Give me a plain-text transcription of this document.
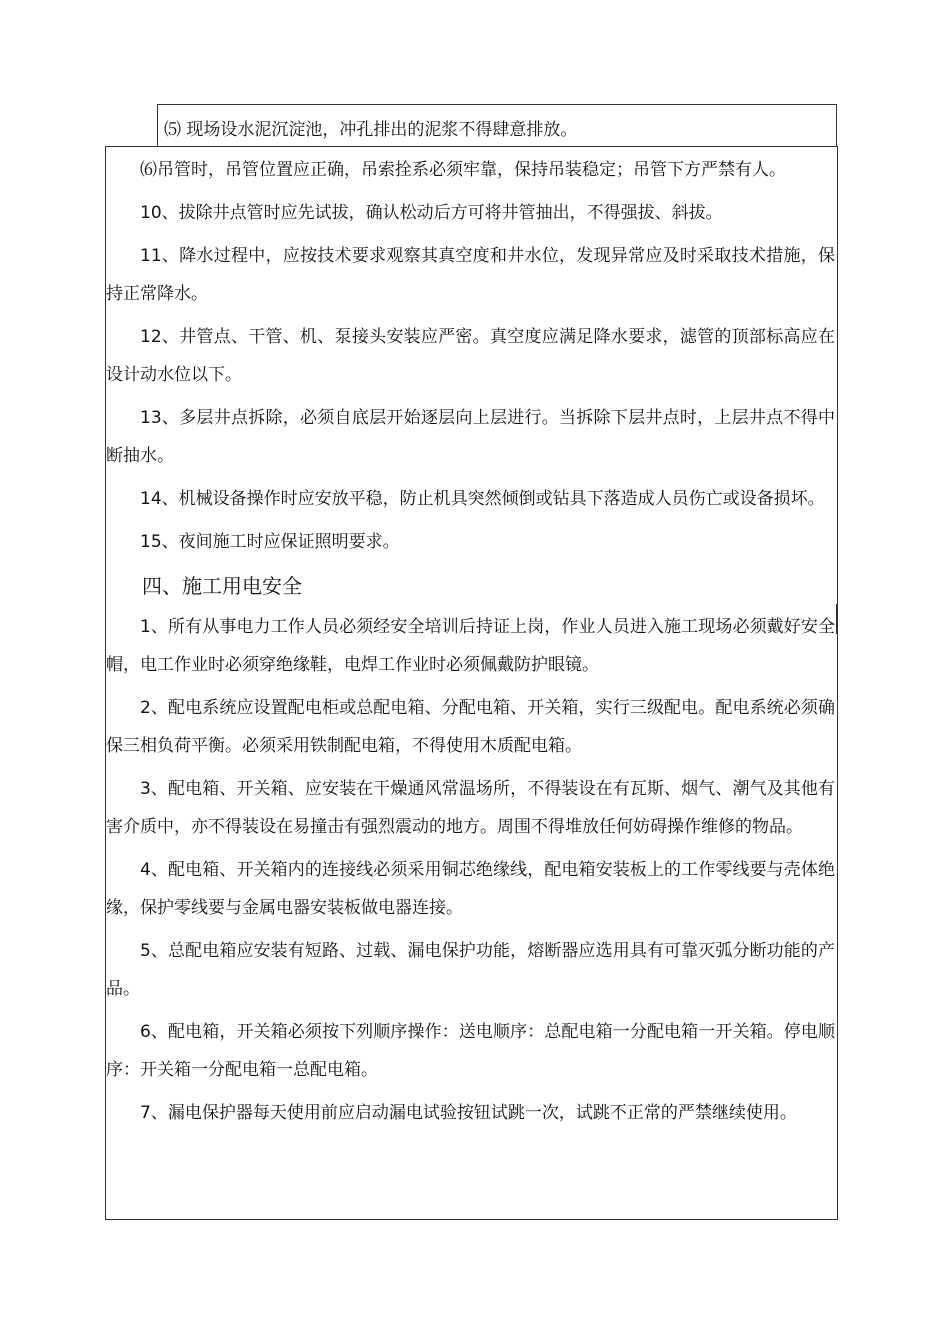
⑸ 现场设水泥沉淀池，冲孔排出的泥浆不得肆意排放。

⑹吊管时，吊管位置应正确，吊索拴系必须牢靠，保持吊装稳定；吊管下方严禁有人。

10、拔除井点管时应先试拔，确认松动后方可将井管抽出，不得强拔、斜拔。

11、降水过程中，应按技术要求观察其真空度和井水位，发现异常应及时采取技术措施，保持正常降水。

12、井管点、干管、机、泵接头安装应严密。真空度应满足降水要求，滤管的顶部标高应在设计动水位以下。

13、多层井点拆除，必须自底层开始逐层向上层进行。当拆除下层井点时，上层井点不得中断抽水。

14、机械设备操作时应安放平稳，防止机具突然倾倒或钻具下落造成人员伤亡或设备损坏。

15、夜间施工时应保证照明要求。

四、施工用电安全

1、所有从事电力工作人员必须经安全培训后持证上岗，作业人员进入施工现场必须戴好安全帽，电工作业时必须穿绝缘鞋，电焊工作业时必须佩戴防护眼镜。

2、配电系统应设置配电柜或总配电箱、分配电箱、开关箱，实行三级配电。配电系统必须确保三相负荷平衡。必须采用铁制配电箱，不得使用木质配电箱。

3、配电箱、开关箱、应安装在干燥通风常温场所，不得装设在有瓦斯、烟气、潮气及其他有害介质中，亦不得装设在易撞击有强烈震动的地方。周围不得堆放任何妨碍操作维修的物品。

4、配电箱、开关箱内的连接线必须采用铜芯绝缘线，配电箱安装板上的工作零线要与壳体绝缘，保护零线要与金属电器安装板做电器连接。

5、总配电箱应安装有短路、过载、漏电保护功能，熔断器应选用具有可靠灭弧分断功能的产品。

6、配电箱，开关箱必须按下列顺序操作：送电顺序：总配电箱一分配电箱一开关箱。停电顺序：开关箱一分配电箱一总配电箱。

7、漏电保护器每天使用前应启动漏电试验按钮试跳一次，试跳不正常的严禁继续使用。
